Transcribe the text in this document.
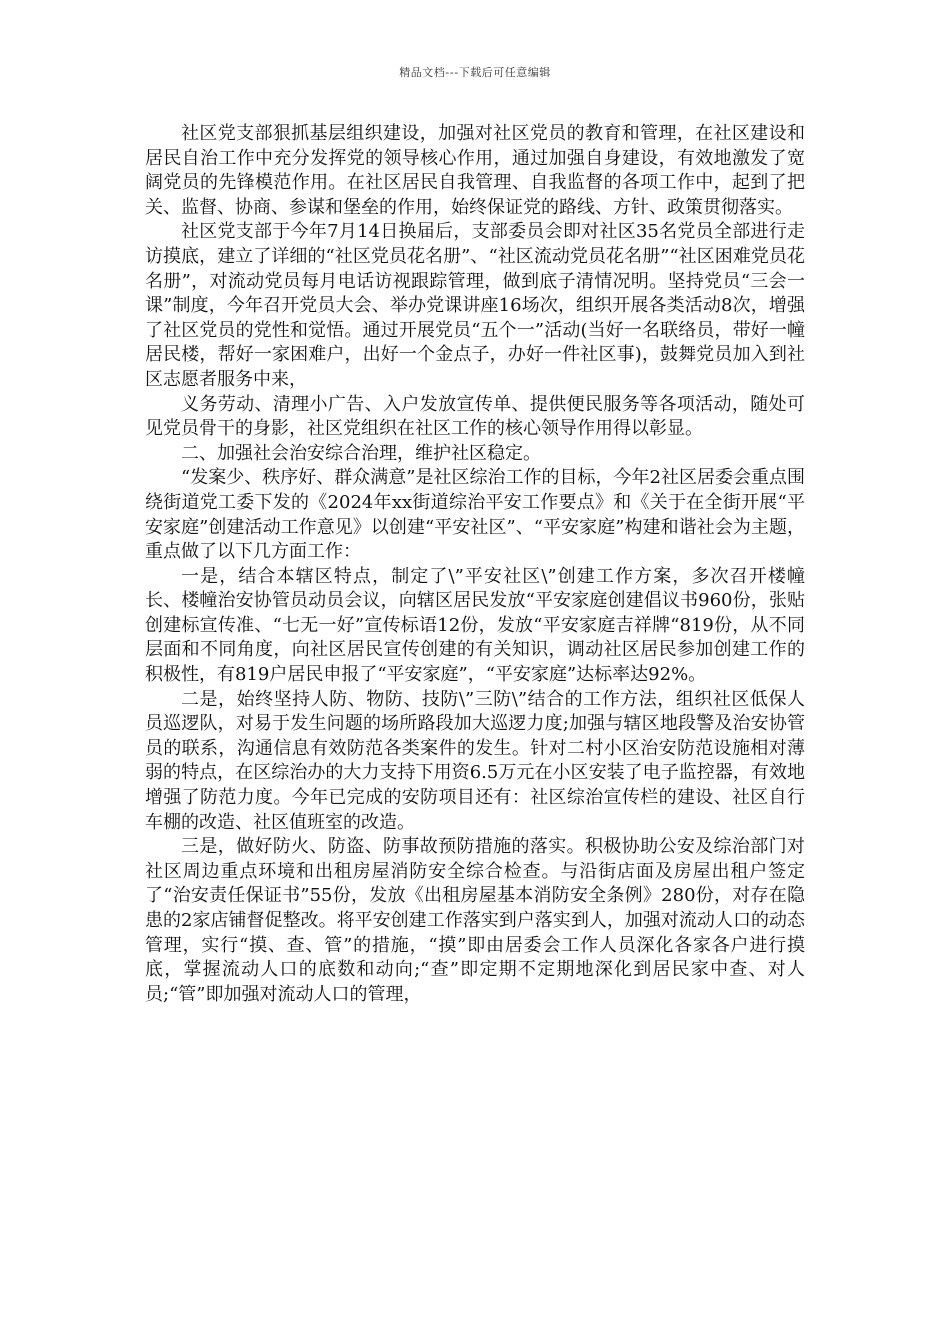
精品文档---下载后可任意编辑

社区党支部狠抓基层组织建设，加强对社区党员的教育和管理，在社区建设和居民自治工作中充分发挥党的领导核心作用，通过加强自身建设，有效地激发了宽阔党员的先锋模范作用。在社区居民自我管理、自我监督的各项工作中，起到了把关、监督、协商、参谋和堡垒的作用，始终保证党的路线、方针、政策贯彻落实。

社区党支部于今年7月14日换届后，支部委员会即对社区35名党员全部进行走访摸底，建立了详细的“社区党员花名册”、“社区流动党员花名册”“社区困难党员花名册”，对流动党员每月电话访视跟踪管理，做到底子清情况明。坚持党员“三会一课”制度，今年召开党员大会、举办党课讲座16场次，组织开展各类活动8次，增强了社区党员的党性和觉悟。通过开展党员“五个一”活动(当好一名联络员，带好一幢居民楼，帮好一家困难户，出好一个金点子，办好一件社区事)，鼓舞党员加入到社区志愿者服务中来，

义务劳动、清理小广告、入户发放宣传单、提供便民服务等各项活动，随处可见党员骨干的身影，社区党组织在社区工作的核心领导作用得以彰显。

二、加强社会治安综合治理，维护社区稳定。

“发案少、秩序好、群众满意”是社区综治工作的目标，今年2社区居委会重点围绕街道党工委下发的《2024年xx街道综治平安工作要点》和《关于在全街开展“平安家庭”创建活动工作意见》以创建“平安社区”、“平安家庭”构建和谐社会为主题，重点做了以下几方面工作：

一是，结合本辖区特点，制定了\”平安社区\”创建工作方案，多次召开楼幢长、楼幢治安协管员动员会议，向辖区居民发放“平安家庭创建倡议书960份，张贴创建标宣传准、“七无一好”宣传标语12份，发放“平安家庭吉祥牌“819份，从不同层面和不同角度，向社区居民宣传创建的有关知识，调动社区居民参加创建工作的积极性，有819户居民申报了“平安家庭”，“平安家庭”达标率达92%。

二是，始终坚持人防、物防、技防\”三防\”结合的工作方法，组织社区低保人员巡逻队，对易于发生问题的场所路段加大巡逻力度;加强与辖区地段警及治安协管员的联系，沟通信息有效防范各类案件的发生。针对二村小区治安防范设施相对薄弱的特点，在区综治办的大力支持下用资6.5万元在小区安装了电子监控器，有效地增强了防范力度。今年已完成的安防项目还有：社区综治宣传栏的建设、社区自行车棚的改造、社区值班室的改造。

三是，做好防火、防盗、防事故预防措施的落实。积极协助公安及综治部门对社区周边重点环境和出租房屋消防安全综合检查。与沿街店面及房屋出租户签定了“治安责任保证书”55份，发放《出租房屋基本消防安全条例》280份，对存在隐患的2家店铺督促整改。将平安创建工作落实到户落实到人，加强对流动人口的动态管理，实行“摸、查、管”的措施，“摸”即由居委会工作人员深化各家各户进行摸底，掌握流动人口的底数和动向;“查”即定期不定期地深化到居民家中查、对人员;“管”即加强对流动人口的管理，
